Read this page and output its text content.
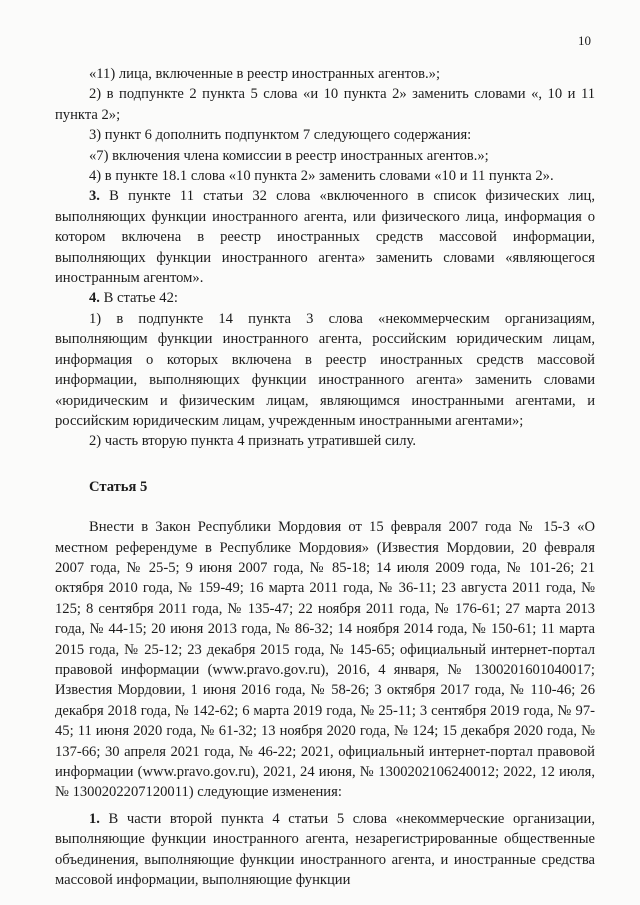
10

«11) лица, включенные в реестр иностранных агентов.»;

2) в подпункте 2 пункта 5 слова «и 10 пункта 2» заменить словами «, 10 и 11 пункта 2»;

3) пункт 6 дополнить подпунктом 7 следующего содержания:

«7) включения члена комиссии в реестр иностранных агентов.»;

4) в пункте 18.1 слова «10 пункта 2» заменить словами «10 и 11 пункта 2».

3. В пункте 11 статьи 32 слова «включенного в список физических лиц, выполняющих функции иностранного агента, или физического лица, информация о котором включена в реестр иностранных средств массовой информации, выполняющих функции иностранного агента» заменить словами «являющегося иностранным агентом».

4. В статье 42:

1) в подпункте 14 пункта 3 слова «некоммерческим организациям, выполняющим функции иностранного агента, российским юридическим лицам, информация о которых включена в реестр иностранных средств массовой информации, выполняющих функции иностранного агента» заменить словами «юридическим и физическим лицам, являющимся иностранными агентами, и российским юридическим лицам, учрежденным иностранными агентами»;

2) часть вторую пункта 4 признать утратившей силу.

Статья 5

Внести в Закон Республики Мордовия от 15 февраля 2007 года № 15-З «О местном референдуме в Республике Мордовия» (Известия Мордовии, 20 февраля 2007 года, № 25-5; 9 июня 2007 года, № 85-18; 14 июля 2009 года, № 101-26; 21 октября 2010 года, № 159-49; 16 марта 2011 года, № 36-11; 23 августа 2011 года, № 125; 8 сентября 2011 года, № 135-47; 22 ноября 2011 года, № 176-61; 27 марта 2013 года, № 44-15; 20 июня 2013 года, № 86-32; 14 ноября 2014 года, № 150-61; 11 марта 2015 года, № 25-12; 23 декабря 2015 года, № 145-65; официальный интернет-портал правовой информации (www.pravo.gov.ru), 2016, 4 января, № 1300201601040017; Известия Мордовии, 1 июня 2016 года, № 58-26; 3 октября 2017 года, № 110-46; 26 декабря 2018 года, № 142-62; 6 марта 2019 года, № 25-11; 3 сентября 2019 года, № 97-45; 11 июня 2020 года, № 61-32; 13 ноября 2020 года, № 124; 15 декабря 2020 года, № 137-66; 30 апреля 2021 года, № 46-22; 2021, официальный интернет-портал правовой информации (www.pravo.gov.ru), 2021, 24 июня, № 1300202106240012; 2022, 12 июля, № 1300202207120011) следующие изменения:

1. В части второй пункта 4 статьи 5 слова «некоммерческие организации, выполняющие функции иностранного агента, незарегистрированные общественные объединения, выполняющие функции иностранного агента, и иностранные средства массовой информации, выполняющие функции
